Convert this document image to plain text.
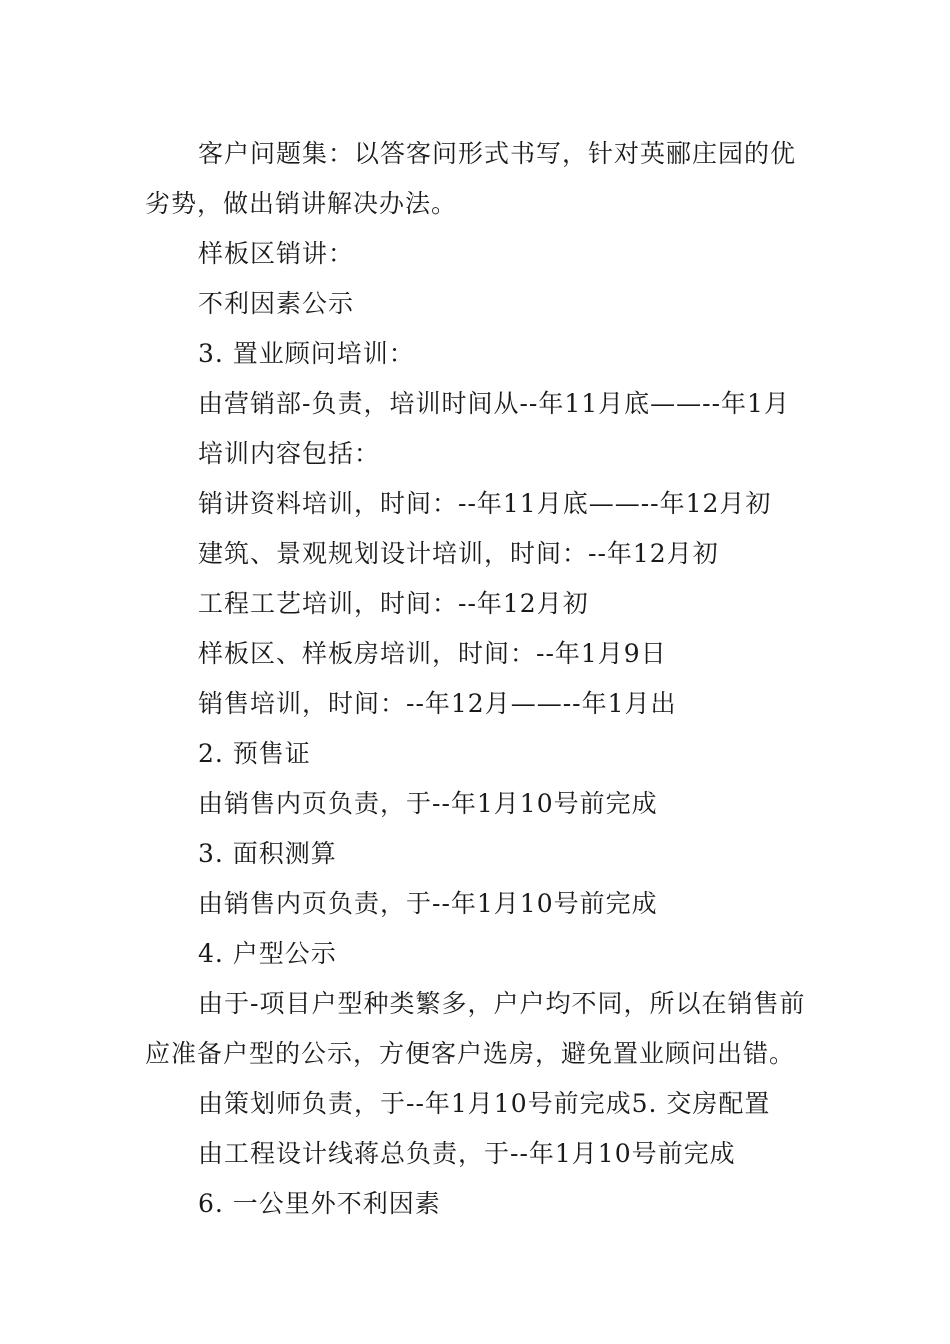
客户问题集：以答客问形式书写，针对英郦庄园的优劣势，做出销讲解决办法。

样板区销讲：

不利因素公示

3. 置业顾问培训：

由营销部-负责，培训时间从--年11月底——--年1月

培训内容包括：

销讲资料培训，时间：--年11月底——--年12月初

建筑、景观规划设计培训，时间：--年12月初

工程工艺培训，时间：--年12月初

样板区、样板房培训，时间：--年1月9日

销售培训，时间：--年12月——--年1月出

2. 预售证

由销售内页负责，于--年1月10号前完成

3. 面积测算

由销售内页负责，于--年1月10号前完成

4. 户型公示

由于-项目户型种类繁多，户户均不同，所以在销售前应准备户型的公示，方便客户选房，避免置业顾问出错。

由策划师负责，于--年1月10号前完成5. 交房配置

由工程设计线蒋总负责，于--年1月10号前完成

6. 一公里外不利因素
